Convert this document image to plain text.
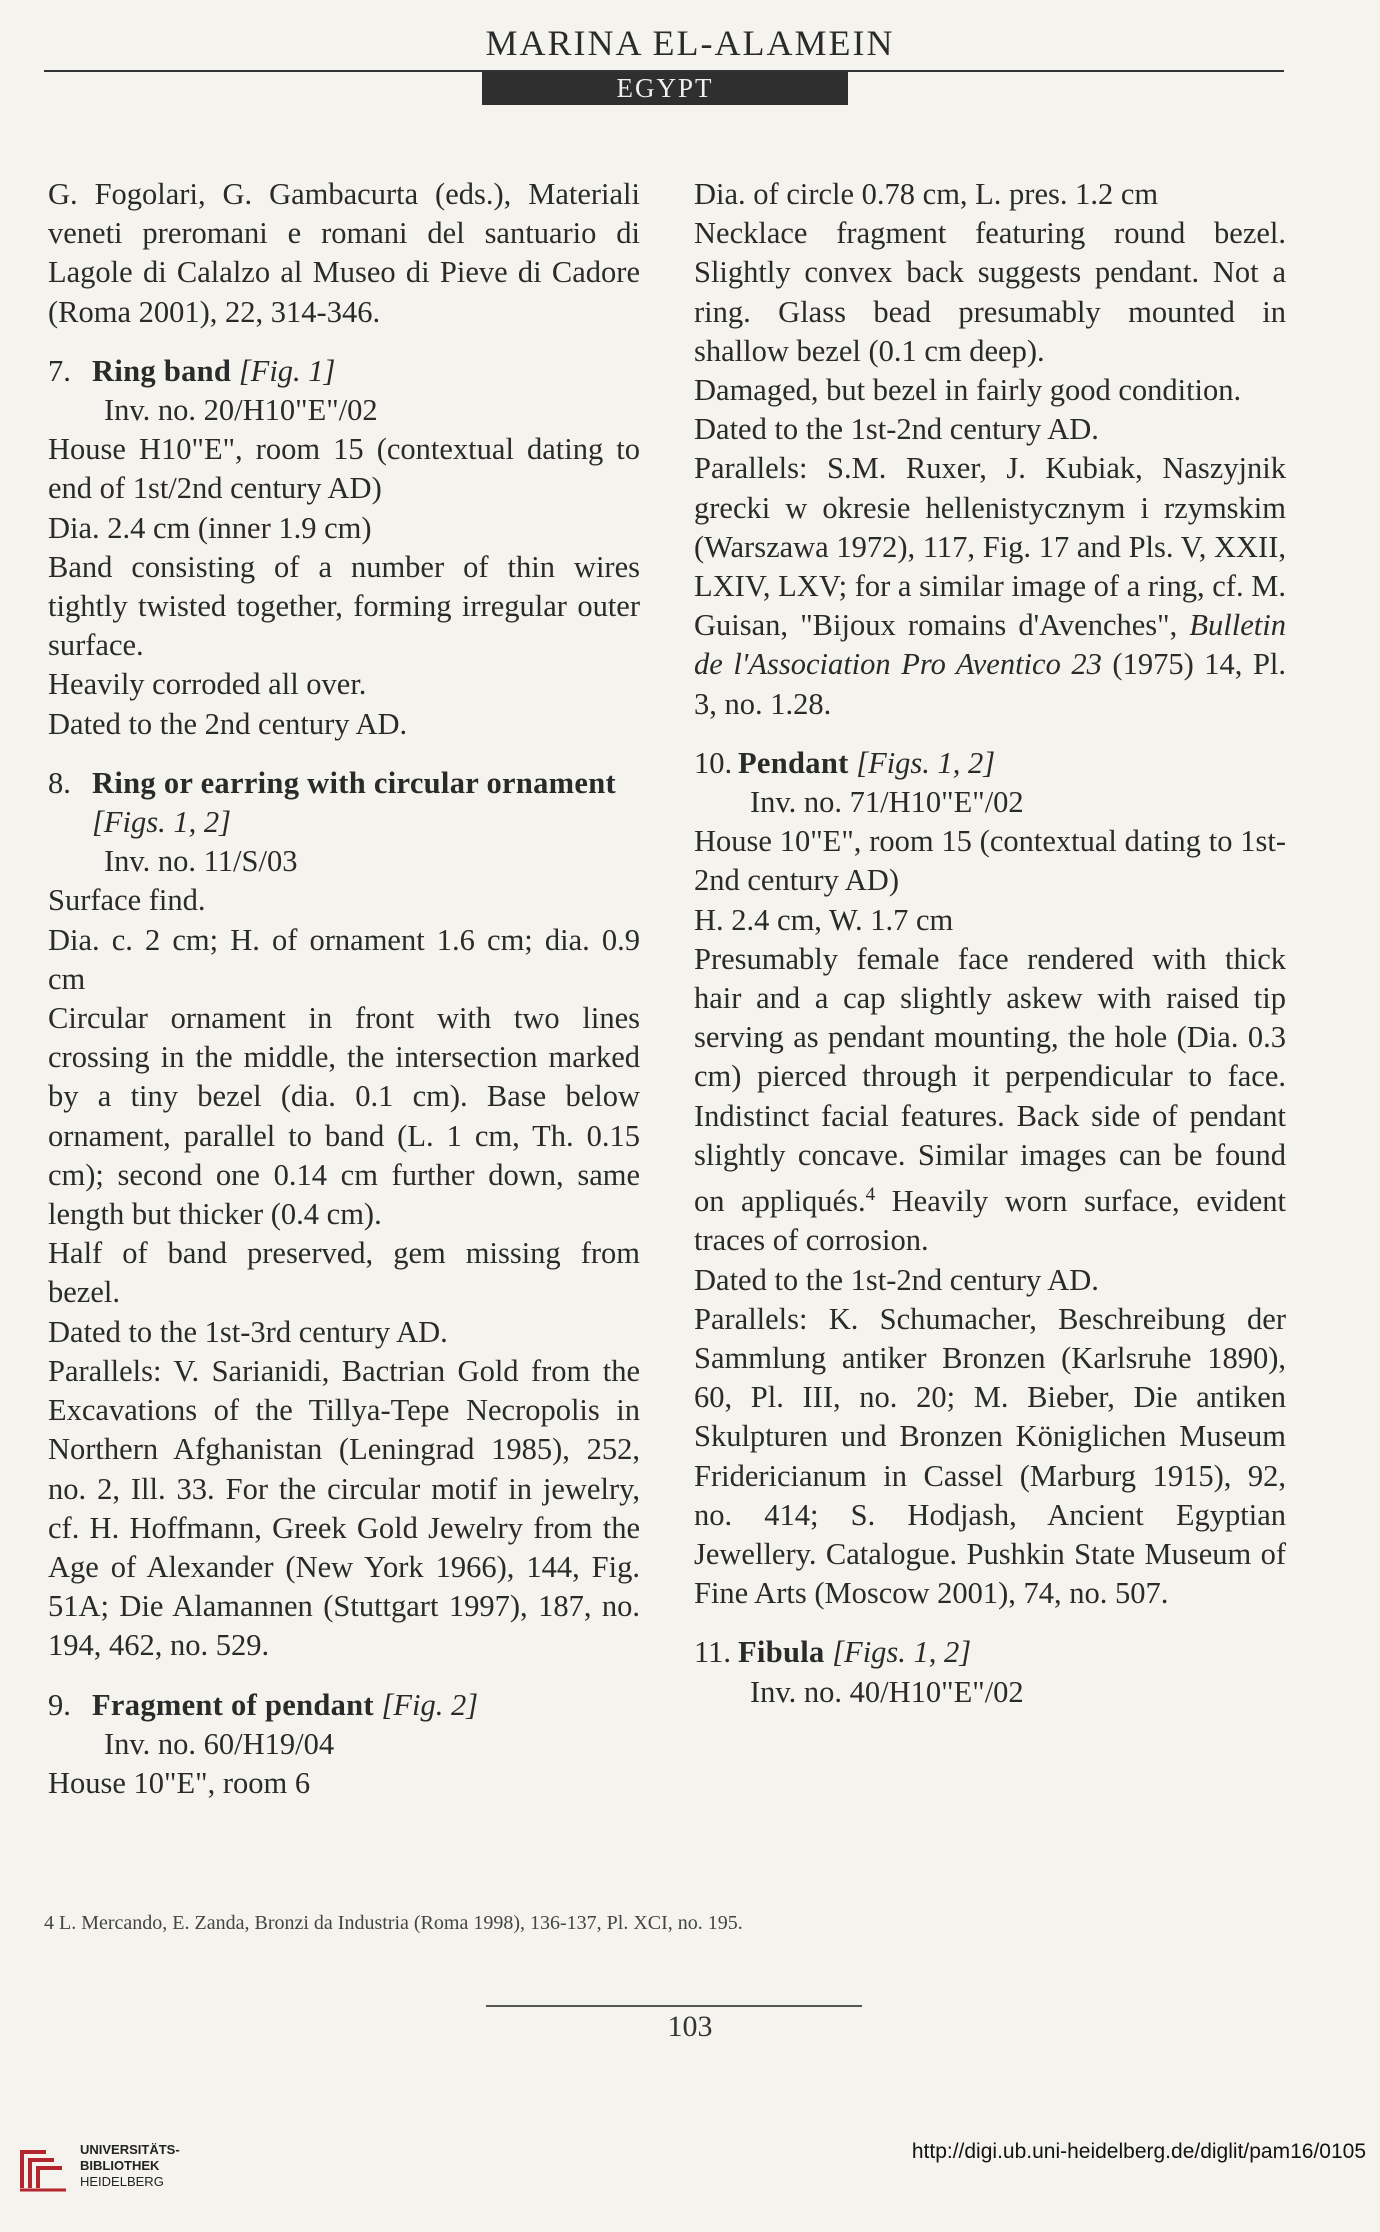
MARINA EL-ALAMEIN
EGYPT

G. Fogolari, G. Gambacurta (eds.), Materiali veneti preromani e romani del santuario di Lagole di Calalzo al Museo di Pieve di Cadore (Roma 2001), 22, 314-346.

7. Ring band [Fig. 1]

Inv. no. 20/H10"E"/02

House H10"E", room 15 (contextual dating to end of 1st/2nd century AD)

Dia. 2.4 cm (inner 1.9 cm)

Band consisting of a number of thin wires tightly twisted together, forming irregular outer surface.

Heavily corroded all over.

Dated to the 2nd century AD.

8. Ring or earring with circular ornament [Figs. 1, 2]

Inv. no. 11/S/03

Surface find.

Dia. c. 2 cm; H. of ornament 1.6 cm; dia. 0.9 cm

Circular ornament in front with two lines crossing in the middle, the intersection marked by a tiny bezel (dia. 0.1 cm). Base below ornament, parallel to band (L. 1 cm, Th. 0.15 cm); second one 0.14 cm further down, same length but thicker (0.4 cm).

Half of band preserved, gem missing from bezel.

Dated to the 1st-3rd century AD.

Parallels: V. Sarianidi, Bactrian Gold from the Excavations of the Tillya-Tepe Necropolis in Northern Afghanistan (Leningrad 1985), 252, no. 2, Ill. 33. For the circular motif in jewelry, cf. H. Hoffmann, Greek Gold Jewelry from the Age of Alexander (New York 1966), 144, Fig. 51A; Die Alamannen (Stuttgart 1997), 187, no. 194, 462, no. 529.

9. Fragment of pendant [Fig. 2]

Inv. no. 60/H19/04

House 10"E", room 6

Dia. of circle 0.78 cm, L. pres. 1.2 cm

Necklace fragment featuring round bezel. Slightly convex back suggests pendant. Not a ring. Glass bead presumably mounted in shallow bezel (0.1 cm deep).

Damaged, but bezel in fairly good condition.

Dated to the 1st-2nd century AD.

Parallels: S.M. Ruxer, J. Kubiak, Naszyjnik grecki w okresie hellenistycznym i rzymskim (Warszawa 1972), 117, Fig. 17 and Pls. V, XXII, LXIV, LXV; for a similar image of a ring, cf. M. Guisan, "Bijoux romains d'Avenches", Bulletin de l'Association Pro Aventico 23 (1975) 14, Pl. 3, no. 1.28.

10. Pendant [Figs. 1, 2]

Inv. no. 71/H10"E"/02

House 10"E", room 15 (contextual dating to 1st-2nd century AD)

H. 2.4 cm, W. 1.7 cm

Presumably female face rendered with thick hair and a cap slightly askew with raised tip serving as pendant mounting, the hole (Dia. 0.3 cm) pierced through it perpendicular to face. Indistinct facial features. Back side of pendant slightly concave. Similar images can be found on appliqués.$^4$ Heavily worn surface, evident traces of corrosion.

Dated to the 1st-2nd century AD.

Parallels: K. Schumacher, Beschreibung der Sammlung antiker Bronzen (Karlsruhe 1890), 60, Pl. III, no. 20; M. Bieber, Die antiken Skulpturen und Bronzen Königlichen Museum Fridericianum in Cassel (Marburg 1915), 92, no. 414; S. Hodjash, Ancient Egyptian Jewellery. Catalogue. Pushkin State Museum of Fine Arts (Moscow 2001), 74, no. 507.

11. Fibula [Figs. 1, 2]

Inv. no. 40/H10"E"/02

4 L. Mercando, E. Zanda, Bronzi da Industria (Roma 1998), 136-137, Pl. XCI, no. 195.
103
UNIVERSITÄTS-
BIBLIOTHEK
HEIDELBERG
http://digi.ub.uni-heidelberg.de/diglit/pam16/0105
